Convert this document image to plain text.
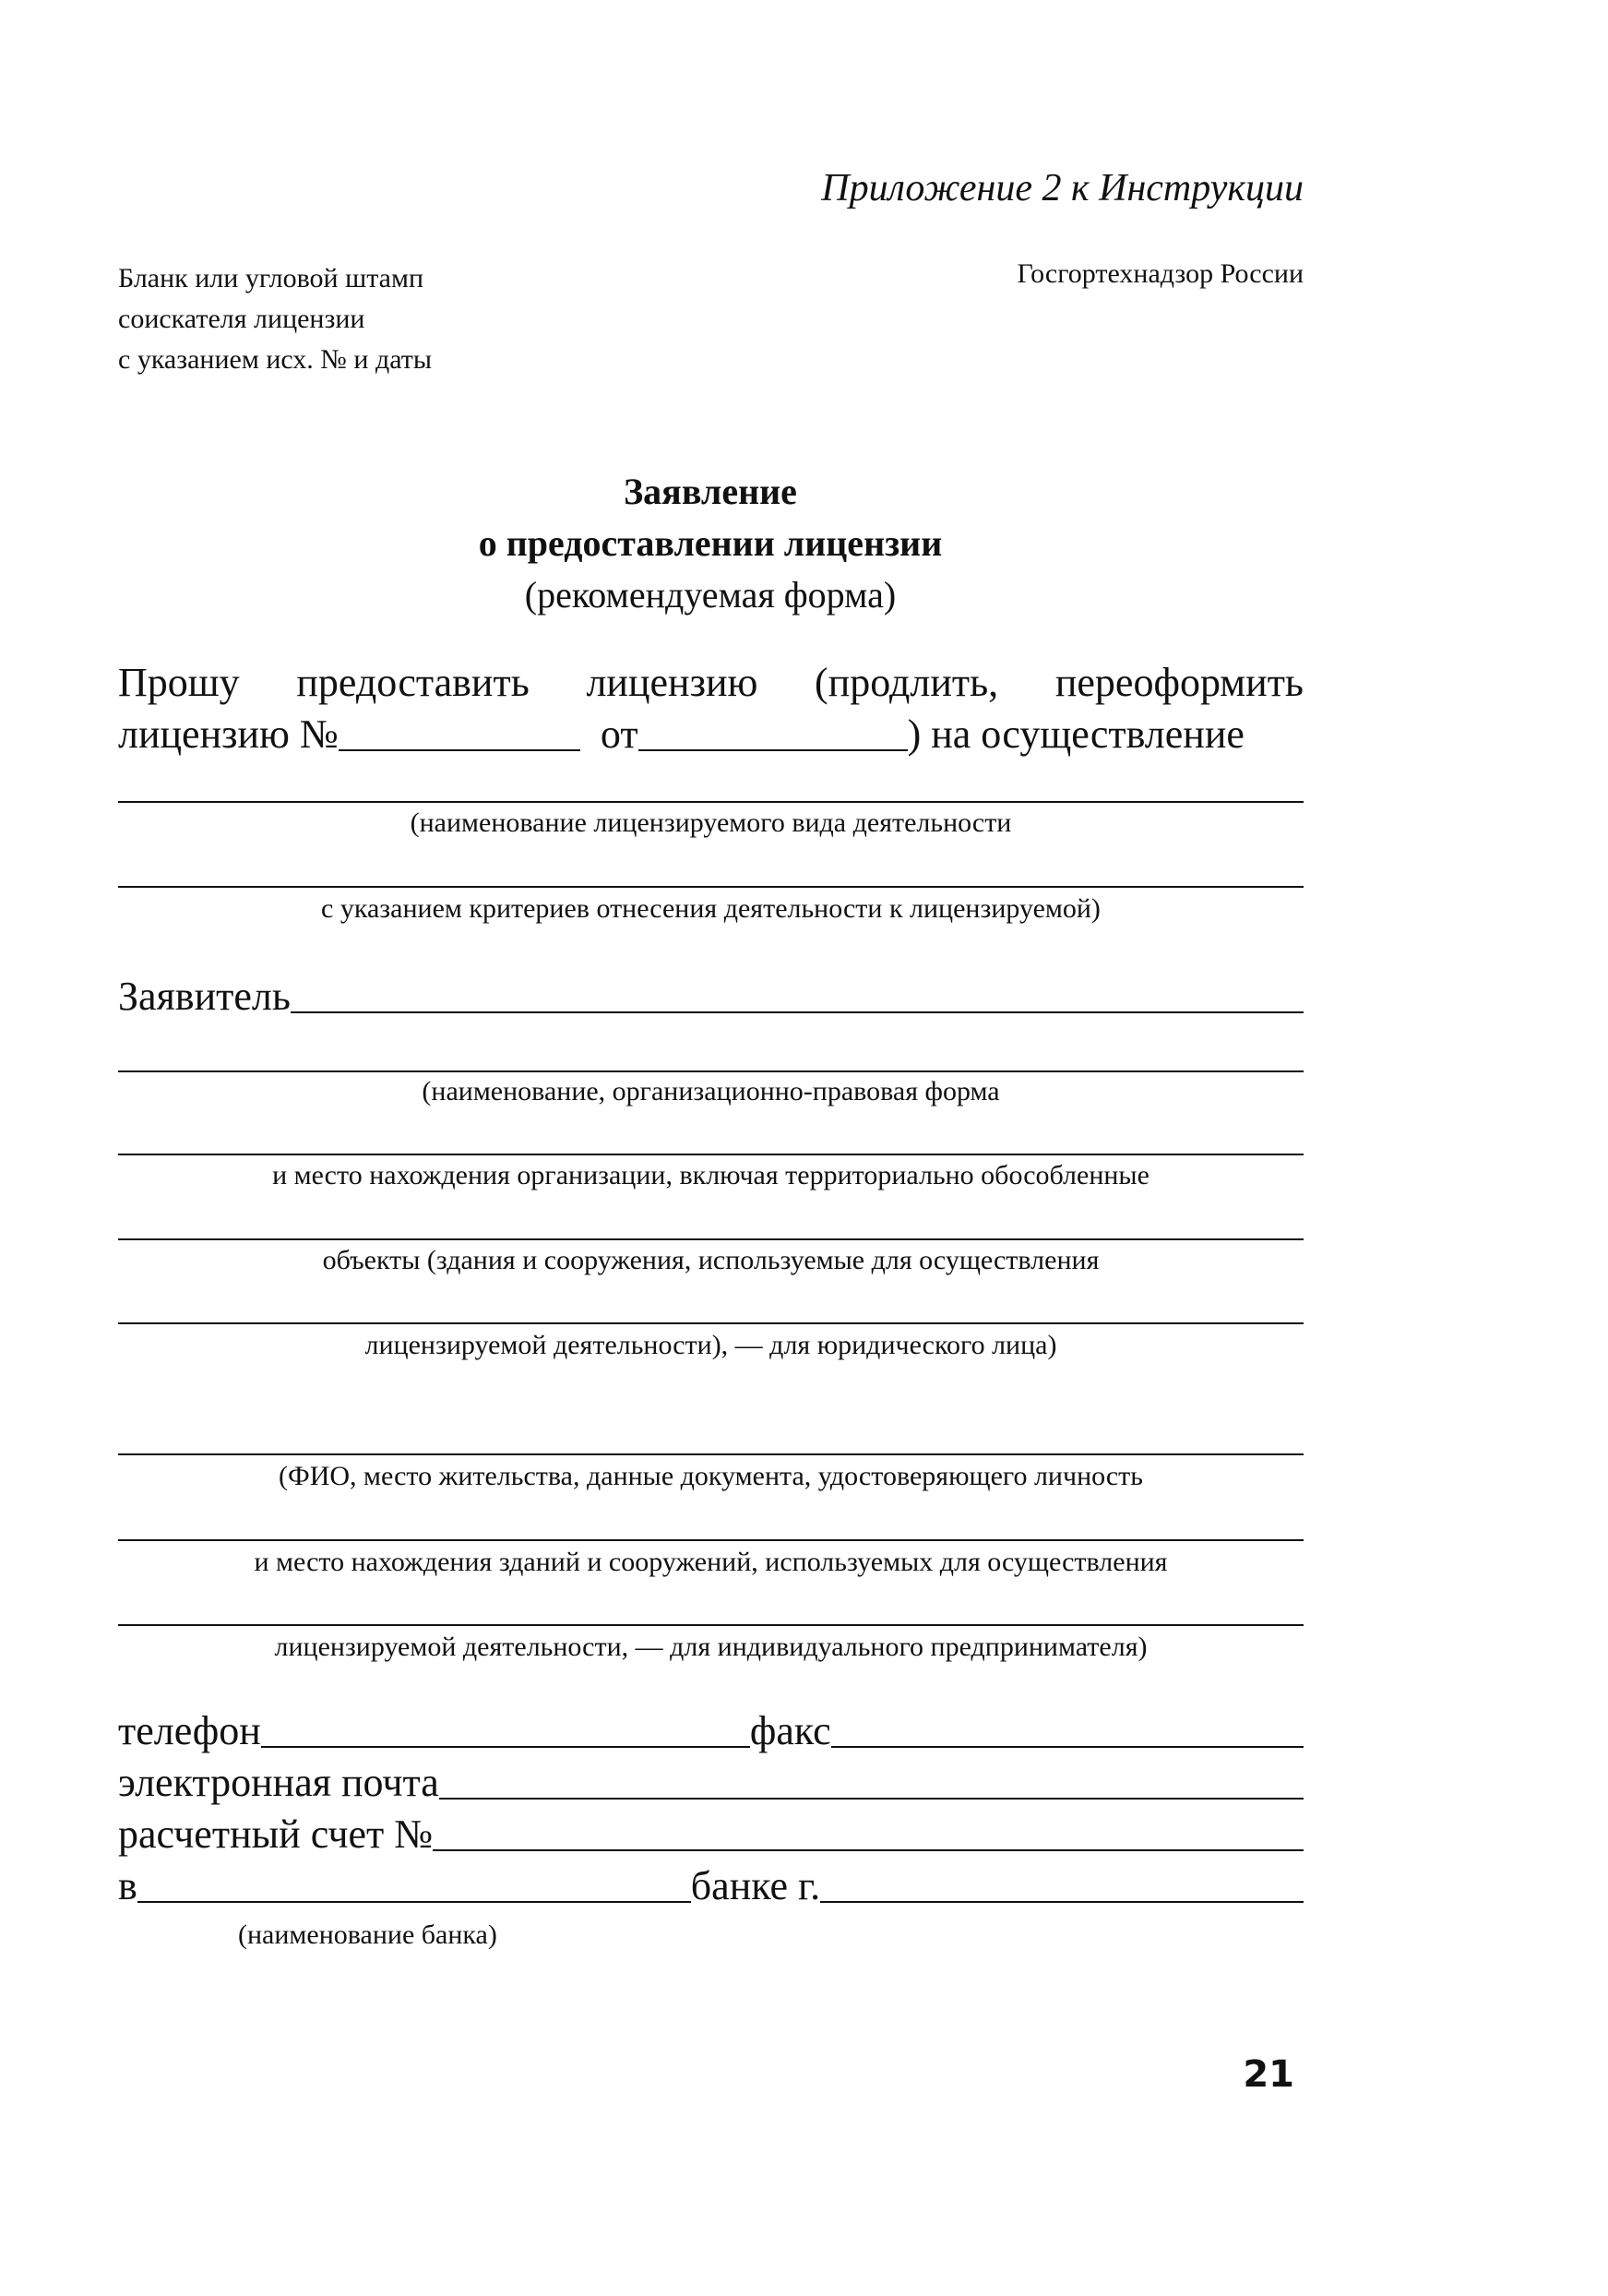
Приложение 2 к Инструкции
Бланк или угловой штамп
соискателя лицензии
с указанием исх. № и даты
Госгортехнадзор России
Заявление
о предоставлении лицензии
(рекомендуемая форма)
Прошу предоставить лицензию (продлить, переоформить
лицензию №	от	) на осуществление
(наименование лицензируемого вида деятельности
с указанием критериев отнесения деятельности к лицензируемой)
Заявитель
(наименование, организационно-правовая форма
и место нахождения организации, включая территориально обособленные
объекты (здания и сооружения, используемые для осуществления
лицензируемой деятельности), — для юридического лица)
(ФИО, место жительства, данные документа, удостоверяющего личность
и место нахождения зданий и сооружений, используемых для осуществления
лицензируемой деятельности, — для индивидуального предпринимателя)
телефон	факс
электронная почта
расчетный счет №
в	банке г.
(наименование банка)
21
